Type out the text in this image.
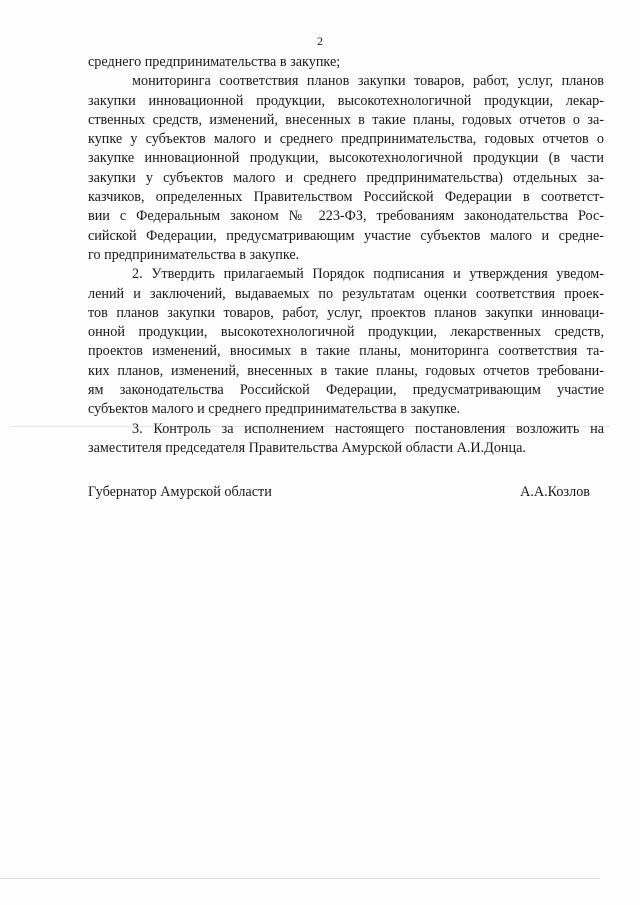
2
среднего предпринимательства в закупке;
мониторинга соответствия планов закупки товаров, работ, услуг, планов
закупки инновационной продукции, высокотехнологичной продукции, лекар-
ственных средств, изменений, внесенных в такие планы, годовых отчетов о за-
купке у субъектов малого и среднего предпринимательства, годовых отчетов о
закупке инновационной продукции, высокотехнологичной продукции (в части
закупки у субъектов малого и среднего предпринимательства) отдельных за-
казчиков, определенных Правительством Российской Федерации в соответст-
вии с Федеральным законом № 223-ФЗ, требованиям законодательства Рос-
сийской Федерации, предусматривающим участие субъектов малого и средне-
го предпринимательства в закупке.
2. Утвердить прилагаемый Порядок подписания и утверждения уведом-
лений и заключений, выдаваемых по результатам оценки соответствия проек-
тов планов закупки товаров, работ, услуг, проектов планов закупки инноваци-
онной продукции, высокотехнологичной продукции, лекарственных средств,
проектов изменений, вносимых в такие планы, мониторинга соответствия та-
ких планов, изменений, внесенных в такие планы, годовых отчетов требовани-
ям законодательства Российской Федерации, предусматривающим участие
субъектов малого и среднего предпринимательства в закупке.
3. Контроль за исполнением настоящего постановления возложить на
заместителя председателя Правительства Амурской области А.И.Донца.
Губернатор Амурской области	А.А.Козлов
